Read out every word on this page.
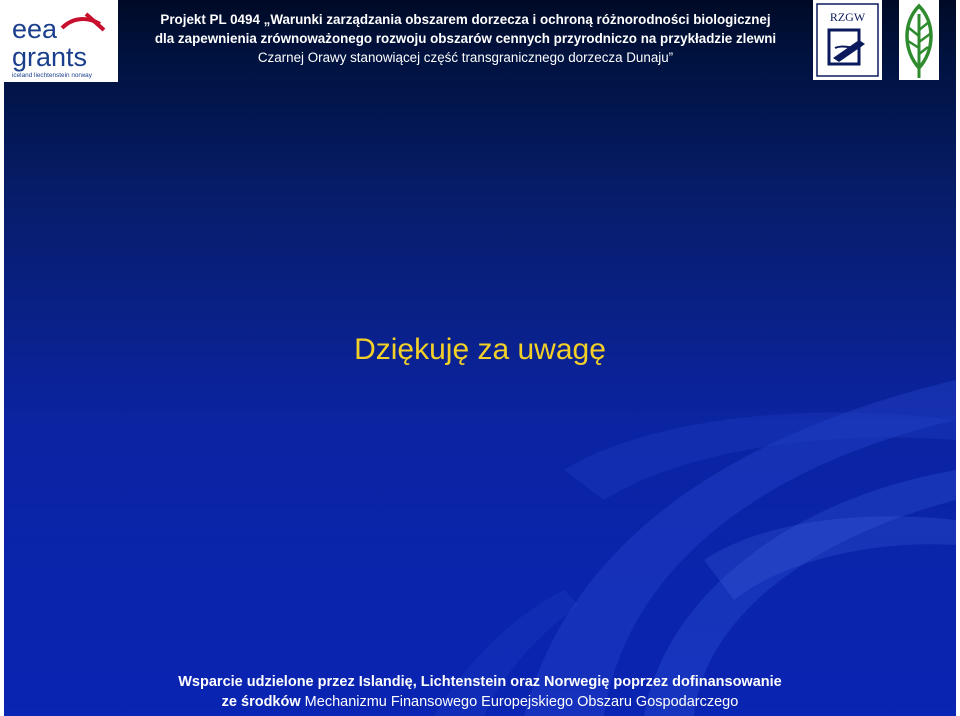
eea
grants
iceland liechtenstein norway
Projekt PL 0494 „Warunki zarządzania obszarem dorzecza i ochroną różnorodności biologicznej
dla zapewnienia zrównoważonego rozwoju obszarów cennych przyrodniczo na przykładzie zlewni
Czarnej Orawy stanowiącej część transgranicznego dorzecza Dunaju”
RZGW
Dziękuję za uwagę
Wsparcie udzielone przez Islandię, Lichtenstein oraz Norwegię poprzez dofinansowanie
ze środków Mechanizmu Finansowego Europejskiego Obszaru Gospodarczego
